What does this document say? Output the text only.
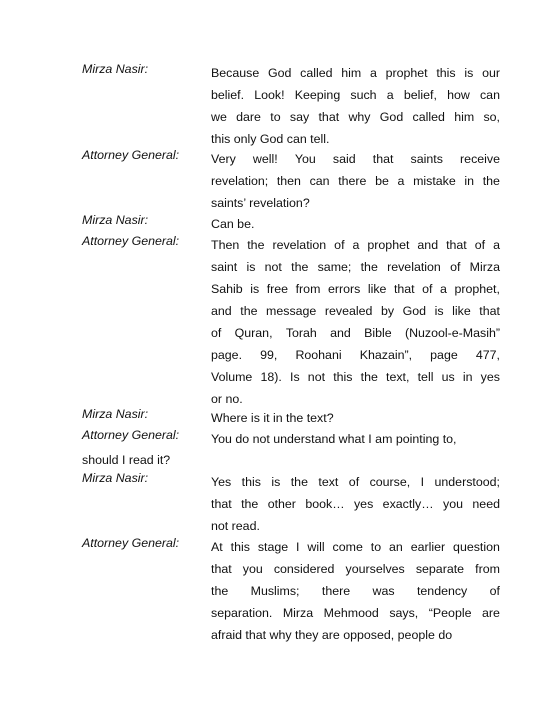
Mirza Nasir:	Because God called him a prophet this is our
belief. Look! Keeping such a belief, how can
we dare to say that why God called him so,
this only God can tell.
Attorney General:	Very well! You said that saints receive
revelation; then can there be a mistake in the
saints’ revelation?
Mirza Nasir:	Can be.
Attorney General:	Then the revelation of a prophet and that of a
saint is not the same; the revelation of Mirza
Sahib is free from errors like that of a prophet,
and the message revealed by God is like that
of Quran, Torah and Bible (Nuzool-e-Masih”
page. 99, Roohani Khazain”, page 477,
Volume 18). Is not this the text, tell us in yes
or no.
Mirza Nasir:	Where is it in the text?
Attorney General:	You do not understand what I am pointing to,
should I read it?
Mirza Nasir:	Yes this is the text of course, I understood;
that the other book… yes exactly… you need
not read.
Attorney General:	At this stage I will come to an earlier question
that you considered yourselves separate from
the Muslims; there was tendency of
separation. Mirza Mehmood says, “People are
afraid that why they are opposed, people do
